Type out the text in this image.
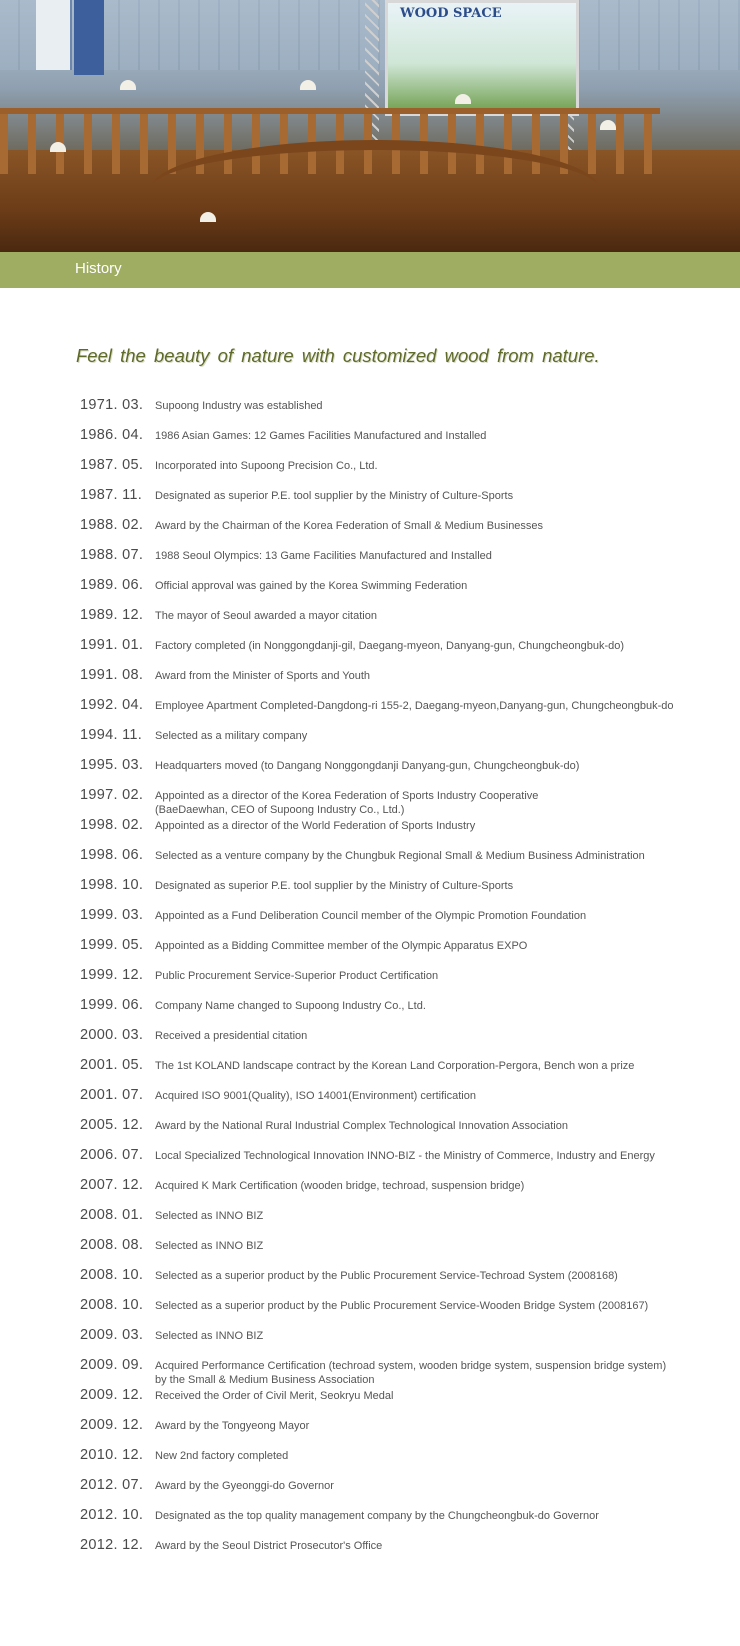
WOOD SPACE
History
Feel the beauty of nature with customized wood from nature.
1971. 03. Supoong Industry was established
1986. 04. 1986 Asian Games: 12 Games Facilities Manufactured and Installed
1987. 05. Incorporated into Supoong Precision Co., Ltd.
1987. 11. Designated as superior P.E. tool supplier by the Ministry of Culture-Sports
1988. 02. Award by the Chairman of the Korea Federation of Small & Medium Businesses
1988. 07. 1988 Seoul Olympics: 13 Game Facilities Manufactured and Installed
1989. 06. Official approval was gained by the Korea Swimming Federation
1989. 12. The mayor of Seoul awarded a mayor citation
1991. 01. Factory completed (in Nonggongdanji-gil, Daegang-myeon, Danyang-gun, Chungcheongbuk-do)
1991. 08. Award from the Minister of Sports and Youth
1992. 04. Employee Apartment Completed-Dangdong-ri 155-2, Daegang-myeon,Danyang-gun, Chungcheongbuk-do
1994. 11. Selected as a military company
1995. 03. Headquarters moved (to Dangang Nonggongdanji Danyang-gun, Chungcheongbuk-do)
1997. 02. Appointed as a director of the Korea Federation of Sports Industry Cooperative
(BaeDaewhan, CEO of Supoong Industry Co., Ltd.)
1998. 02. Appointed as a director of the World Federation of Sports Industry
1998. 06. Selected as a venture company by the Chungbuk Regional Small & Medium Business Administration
1998. 10. Designated as superior P.E. tool supplier by the Ministry of Culture-Sports
1999. 03. Appointed as a Fund Deliberation Council member of the Olympic Promotion Foundation
1999. 05. Appointed as a Bidding Committee member of the Olympic Apparatus EXPO
1999. 12. Public Procurement Service-Superior Product Certification
1999. 06. Company Name changed to Supoong Industry Co., Ltd.
2000. 03. Received a presidential citation
2001. 05. The 1st KOLAND landscape contract by the Korean Land Corporation-Pergora, Bench won a prize
2001. 07. Acquired ISO 9001(Quality), ISO 14001(Environment) certification
2005. 12. Award by the National Rural Industrial Complex Technological Innovation Association
2006. 07. Local Specialized Technological Innovation INNO-BIZ - the Ministry of Commerce, Industry and Energy
2007. 12. Acquired K Mark Certification (wooden bridge, techroad, suspension bridge)
2008. 01. Selected as INNO BIZ
2008. 08. Selected as INNO BIZ
2008. 10. Selected as a superior product by the Public Procurement Service-Techroad System (2008168)
2008. 10. Selected as a superior product by the Public Procurement Service-Wooden Bridge System (2008167)
2009. 03. Selected as INNO BIZ
2009. 09. Acquired Performance Certification (techroad system, wooden bridge system, suspension bridge system)
by the Small & Medium Business Association
2009. 12. Received the Order of Civil Merit, Seokryu Medal
2009. 12. Award by the Tongyeong Mayor
2010. 12. New 2nd factory completed
2012. 07. Award by the Gyeonggi-do Governor
2012. 10. Designated as the top quality management company by the Chungcheongbuk-do Governor
2012. 12. Award by the Seoul District Prosecutor's Office
